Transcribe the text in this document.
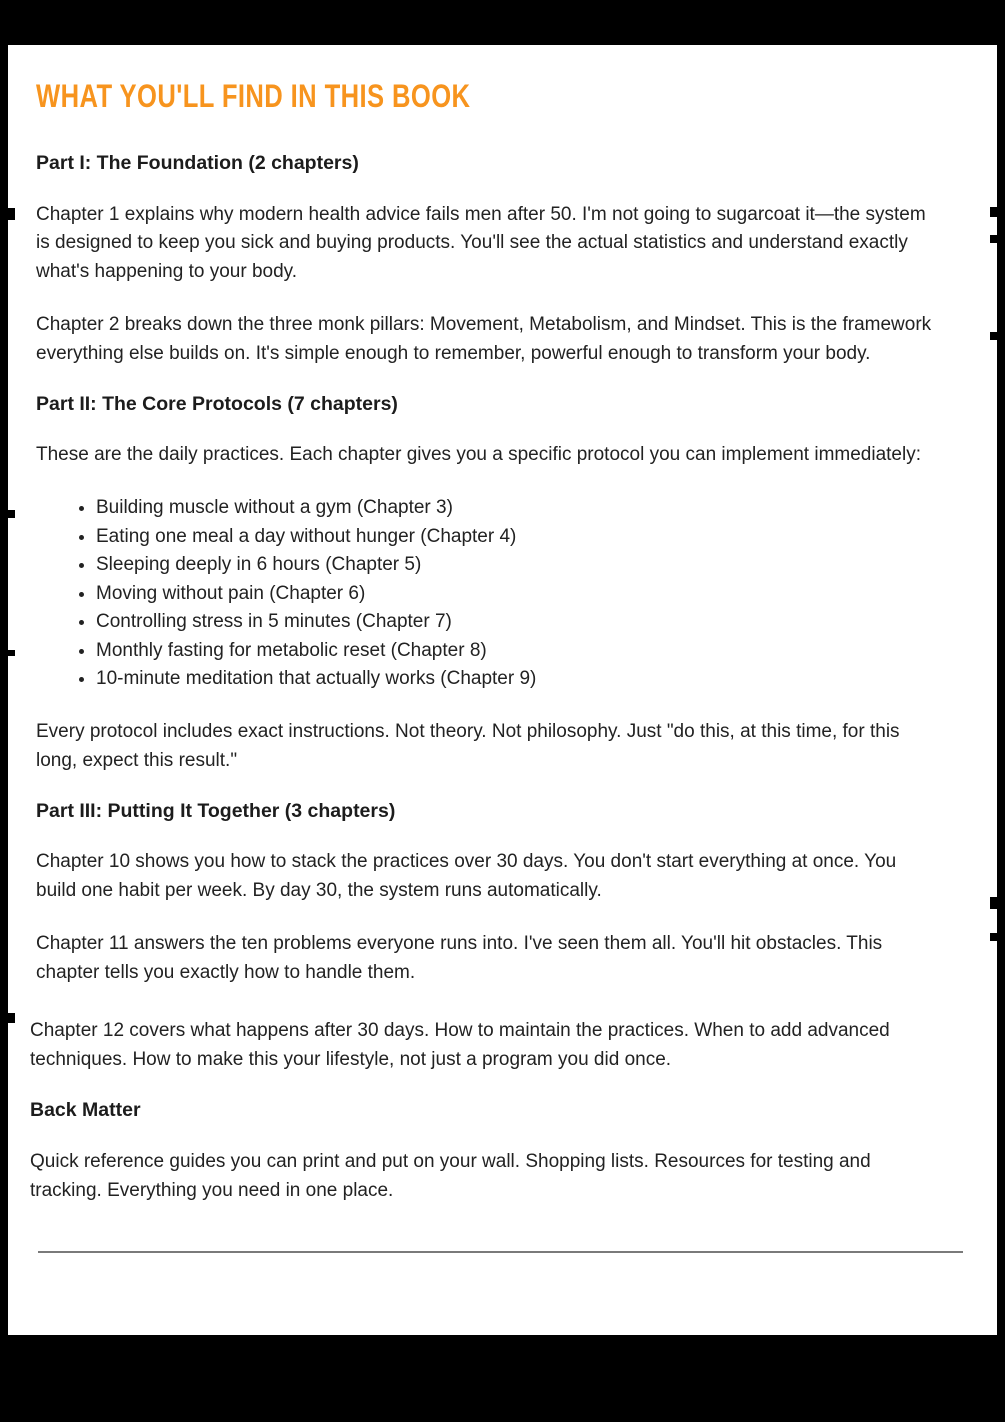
WHAT YOU'LL FIND IN THIS BOOK
Part I: The Foundation (2 chapters)

Chapter 1 explains why modern health advice fails men after 50. I'm not going to sugarcoat it—the system is designed to keep you sick and buying products. You'll see the actual statistics and understand exactly what's happening to your body.

Chapter 2 breaks down the three monk pillars: Movement, Metabolism, and Mindset. This is the framework everything else builds on. It's simple enough to remember, powerful enough to transform your body.

Part II: The Core Protocols (7 chapters)

These are the daily practices. Each chapter gives you a specific protocol you can implement immediately:

• Building muscle without a gym (Chapter 3)
• Eating one meal a day without hunger (Chapter 4)
• Sleeping deeply in 6 hours (Chapter 5)
• Moving without pain (Chapter 6)
• Controlling stress in 5 minutes (Chapter 7)
• Monthly fasting for metabolic reset (Chapter 8)
• 10-minute meditation that actually works (Chapter 9)

Every protocol includes exact instructions. Not theory. Not philosophy. Just "do this, at this time, for this long, expect this result."

Part III: Putting It Together (3 chapters)

Chapter 10 shows you how to stack the practices over 30 days. You don't start everything at once. You build one habit per week. By day 30, the system runs automatically.

Chapter 11 answers the ten problems everyone runs into. I've seen them all. You'll hit obstacles. This chapter tells you exactly how to handle them.

Chapter 12 covers what happens after 30 days. How to maintain the practices. When to add advanced techniques. How to make this your lifestyle, not just a program you did once.

Back Matter

Quick reference guides you can print and put on your wall. Shopping lists. Resources for testing and tracking. Everything you need in one place.
